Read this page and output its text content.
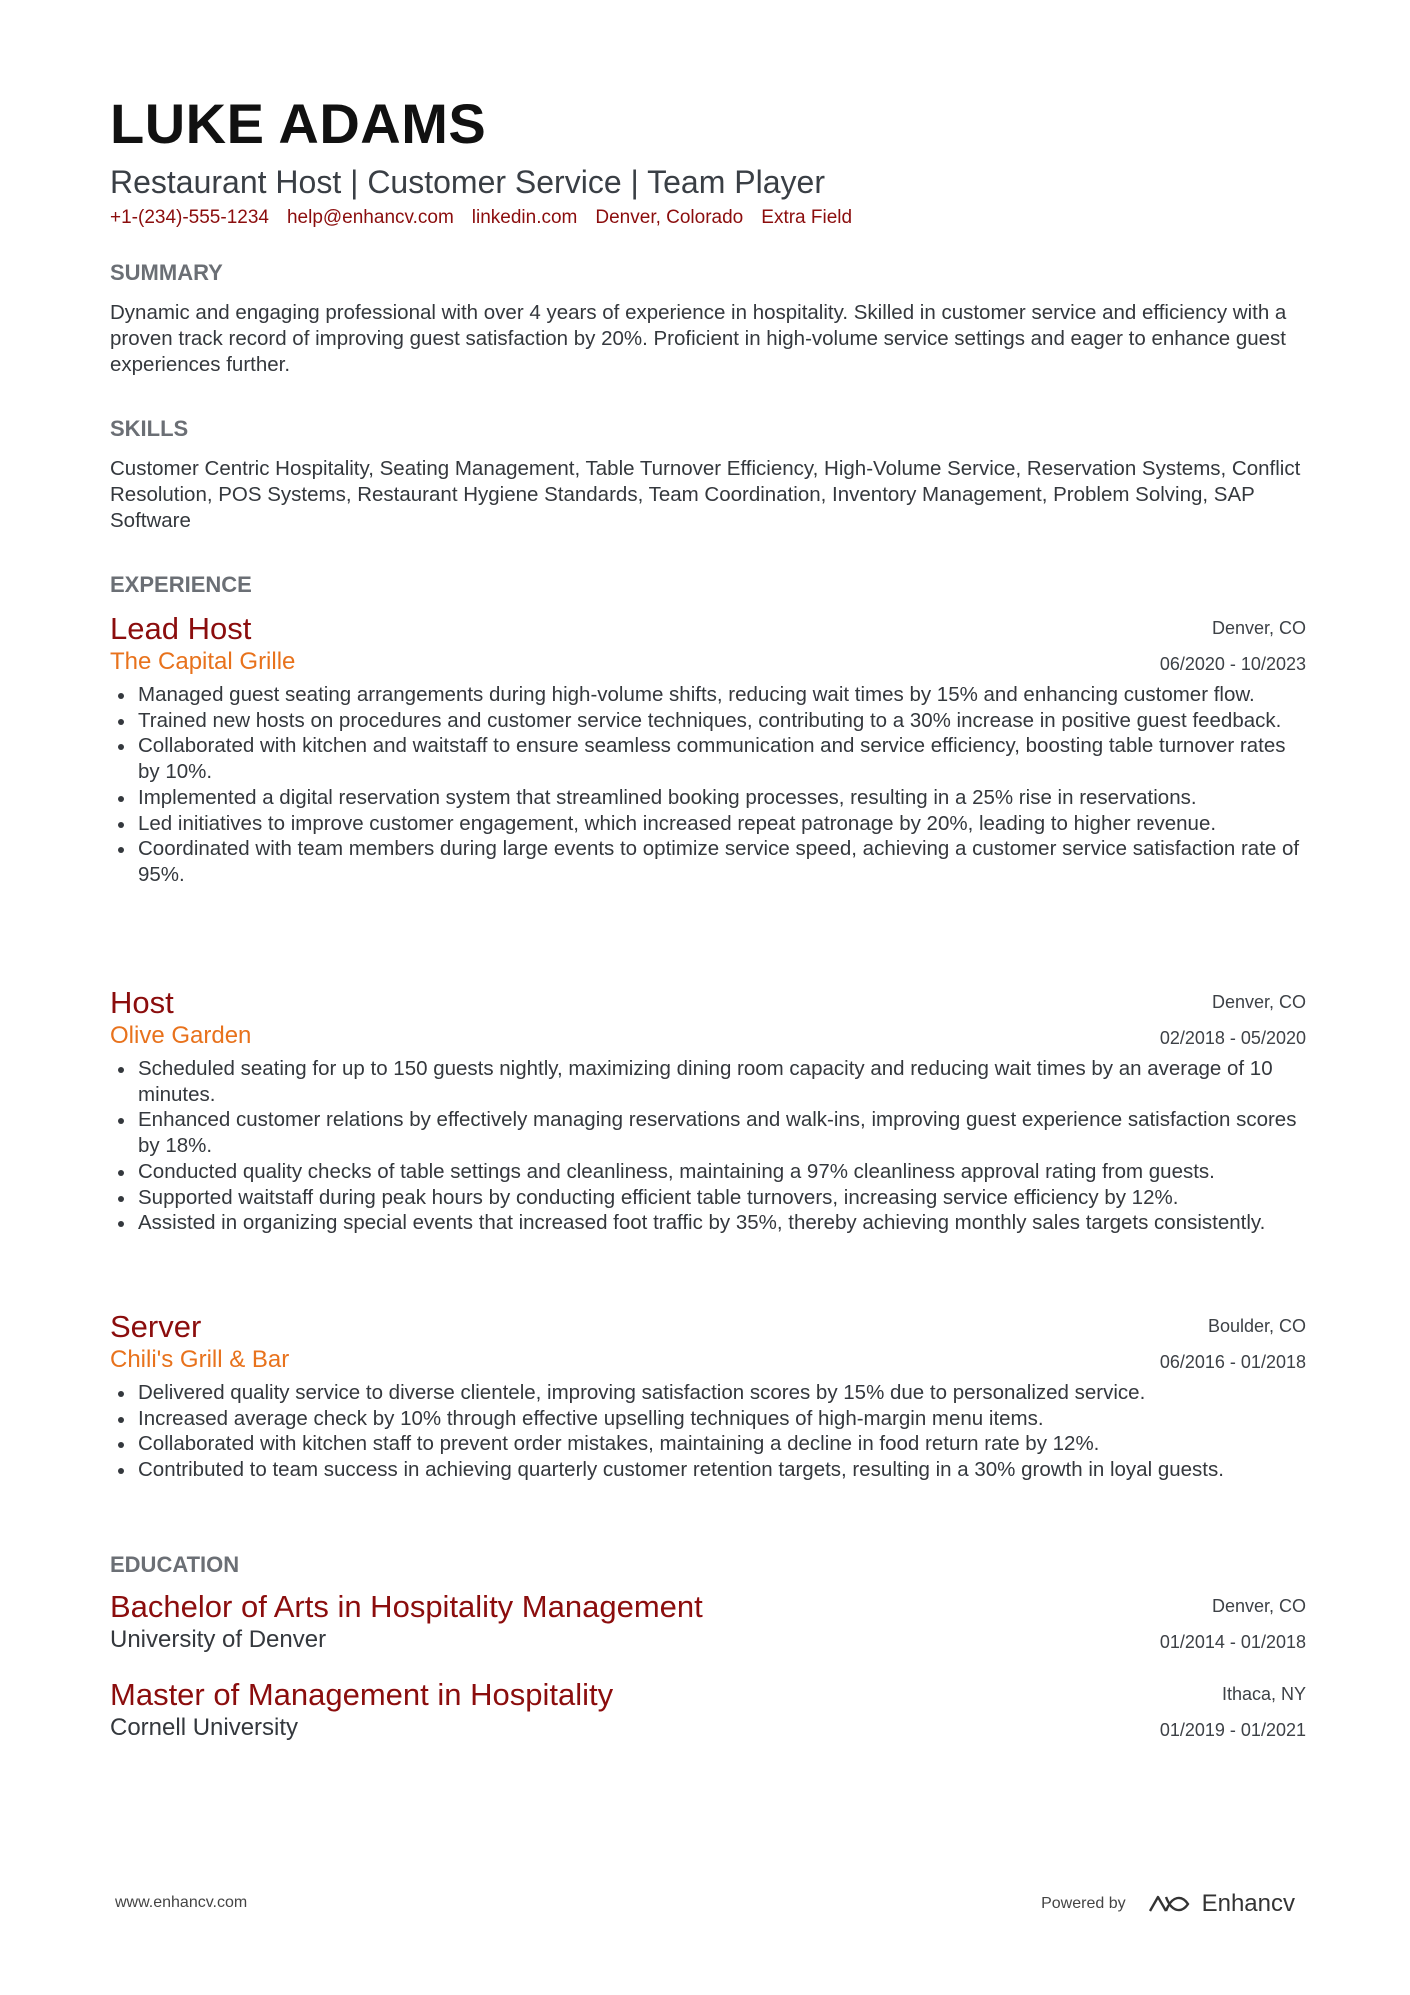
LUKE ADAMS
Restaurant Host | Customer Service | Team Player
+1-(234)-555-1234 help@enhancv.com linkedin.com Denver, Colorado Extra Field
SUMMARY
Dynamic and engaging professional with over 4 years of experience in hospitality. Skilled in customer service and efficiency with a proven track record of improving guest satisfaction by 20%. Proficient in high-volume service settings and eager to enhance guest experiences further.
SKILLS
Customer Centric Hospitality, Seating Management, Table Turnover Efficiency, High-Volume Service, Reservation Systems, Conflict Resolution, POS Systems, Restaurant Hygiene Standards, Team Coordination, Inventory Management, Problem Solving, SAP Software
EXPERIENCE
Lead Host
The Capital Grille
Denver, CO
06/2020 - 10/2023
Managed guest seating arrangements during high-volume shifts, reducing wait times by 15% and enhancing customer flow.
Trained new hosts on procedures and customer service techniques, contributing to a 30% increase in positive guest feedback.
Collaborated with kitchen and waitstaff to ensure seamless communication and service efficiency, boosting table turnover rates by 10%.
Implemented a digital reservation system that streamlined booking processes, resulting in a 25% rise in reservations.
Led initiatives to improve customer engagement, which increased repeat patronage by 20%, leading to higher revenue.
Coordinated with team members during large events to optimize service speed, achieving a customer service satisfaction rate of 95%.
Host
Olive Garden
Denver, CO
02/2018 - 05/2020
Scheduled seating for up to 150 guests nightly, maximizing dining room capacity and reducing wait times by an average of 10 minutes.
Enhanced customer relations by effectively managing reservations and walk-ins, improving guest experience satisfaction scores by 18%.
Conducted quality checks of table settings and cleanliness, maintaining a 97% cleanliness approval rating from guests.
Supported waitstaff during peak hours by conducting efficient table turnovers, increasing service efficiency by 12%.
Assisted in organizing special events that increased foot traffic by 35%, thereby achieving monthly sales targets consistently.
Server
Chili's Grill & Bar
Boulder, CO
06/2016 - 01/2018
Delivered quality service to diverse clientele, improving satisfaction scores by 15% due to personalized service.
Increased average check by 10% through effective upselling techniques of high-margin menu items.
Collaborated with kitchen staff to prevent order mistakes, maintaining a decline in food return rate by 12%.
Contributed to team success in achieving quarterly customer retention targets, resulting in a 30% growth in loyal guests.
EDUCATION
Bachelor of Arts in Hospitality Management
University of Denver
Denver, CO
01/2014 - 01/2018
Master of Management in Hospitality
Cornell University
Ithaca, NY
01/2019 - 01/2021
www.enhancv.com	Powered by	Enhancv
